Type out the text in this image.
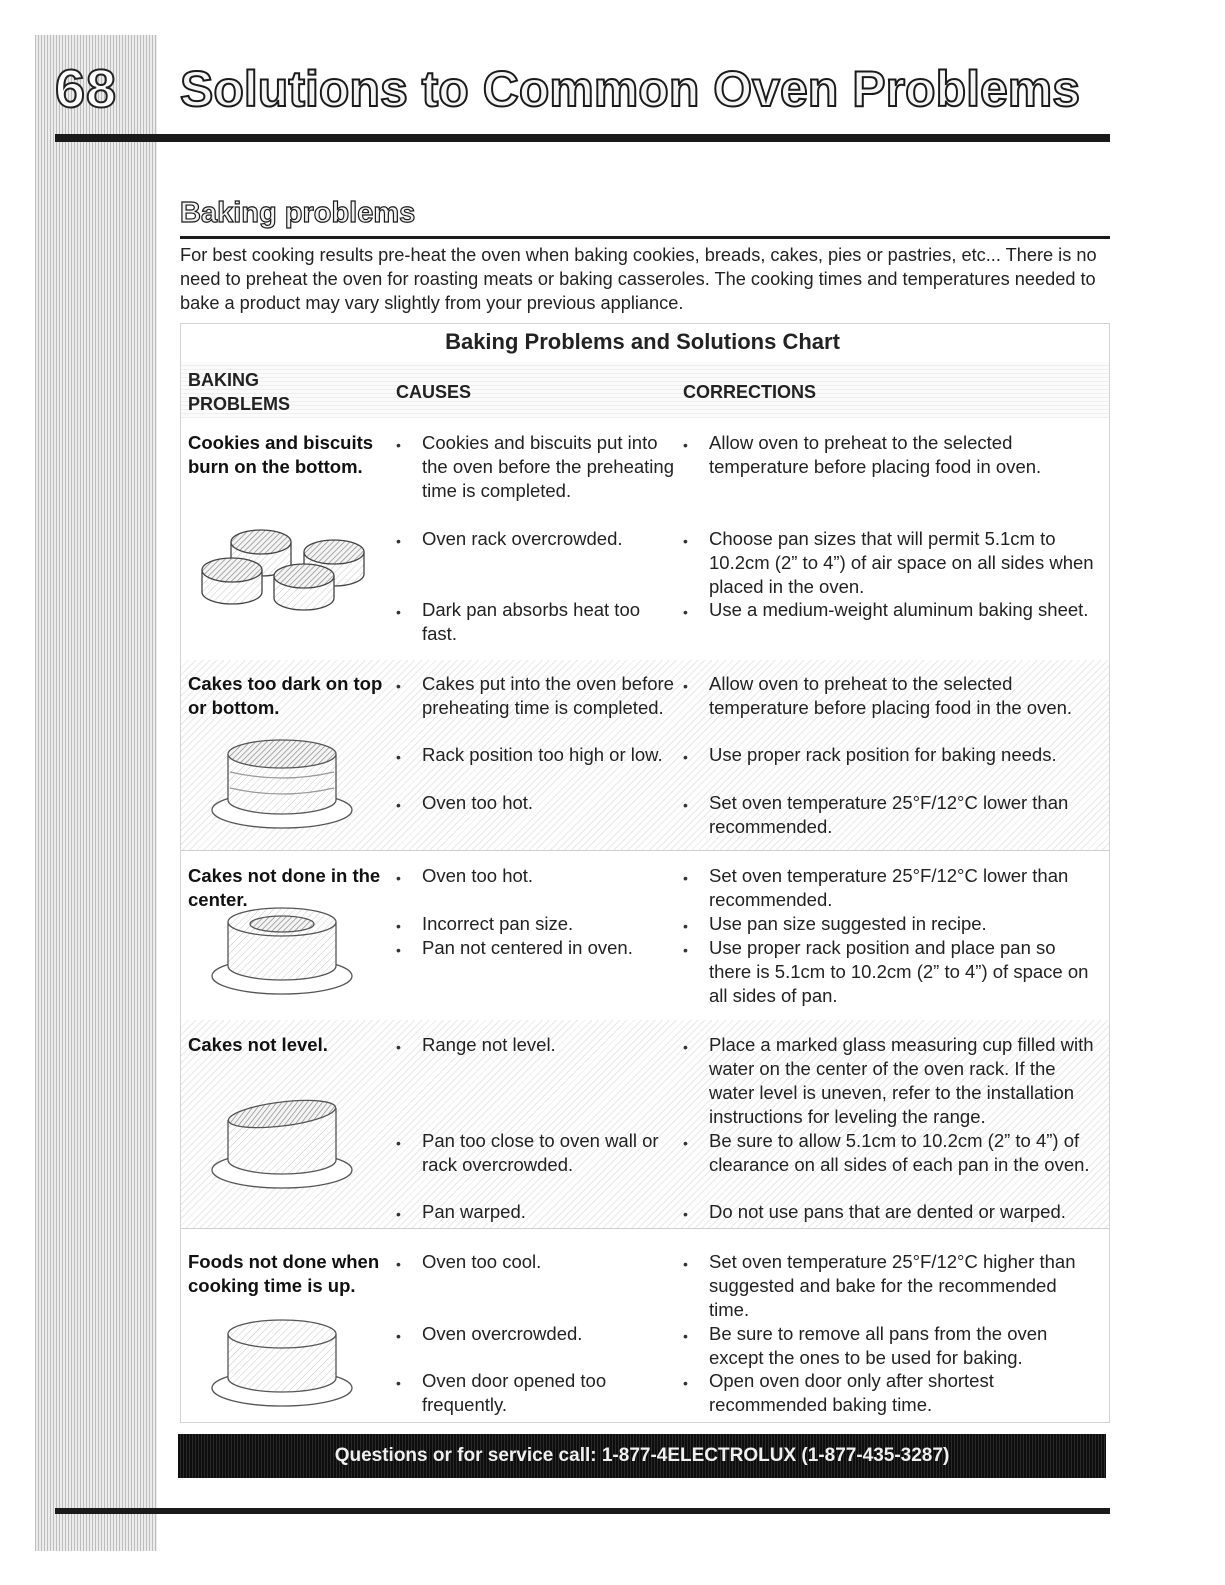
68 Solutions to Common Oven Problems
Baking problems

For best cooking results pre-heat the oven when baking cookies, breads, cakes, pies or pastries, etc... There is no need to preheat the oven for roasting meats or baking casseroles. The cooking times and temperatures needed to bake a product may vary slightly from your previous appliance.

Baking Problems and Solutions Chart
BAKING
PROBLEMS
CAUSES	CORRECTIONS
Cookies and biscuits burn on the bottom.
• Cookies and biscuits put into the oven before the preheating time is completed.
• Oven rack overcrowded.
• Dark pan absorbs heat too fast.
• Allow oven to preheat to the selected temperature before placing food in oven.
• Choose pan sizes that will permit 5.1cm to 10.2cm (2” to 4”) of air space on all sides when placed in the oven.
• Use a medium-weight aluminum baking sheet.
Cakes too dark on top or bottom.
• Cakes put into the oven before preheating time is completed.
• Rack position too high or low.
• Oven too hot.
• Allow oven to preheat to the selected temperature before placing food in the oven.
• Use proper rack position for baking needs.
• Set oven temperature 25°F/12°C lower than recommended.
Cakes not done in the center.
• Oven too hot.
• Incorrect pan size.
• Pan not centered in oven.
• Set oven temperature 25°F/12°C lower than recommended.
• Use pan size suggested in recipe.
• Use proper rack position and place pan so there is 5.1cm to 10.2cm (2” to 4”) of space on all sides of pan.
Cakes not level.	• Range not level.
• Pan too close to oven wall or rack overcrowded.
• Pan warped.
• Place a marked glass measuring cup filled with water on the center of the oven rack. If the water level is uneven, refer to the installation instructions for leveling the range.
• Be sure to allow 5.1cm to 10.2cm (2” to 4”) of clearance on all sides of each pan in the oven.
• Do not use pans that are dented or warped.
Foods not done when cooking time is up.
• Oven too cool.
• Oven overcrowded.
• Oven door opened too frequently.
• Set oven temperature 25°F/12°C higher than suggested and bake for the recommended time.
• Be sure to remove all pans from the oven except the ones to be used for baking.
• Open oven door only after shortest recommended baking time.
Questions or for service call: 1-877-4ELECTROLUX (1-877-435-3287)
